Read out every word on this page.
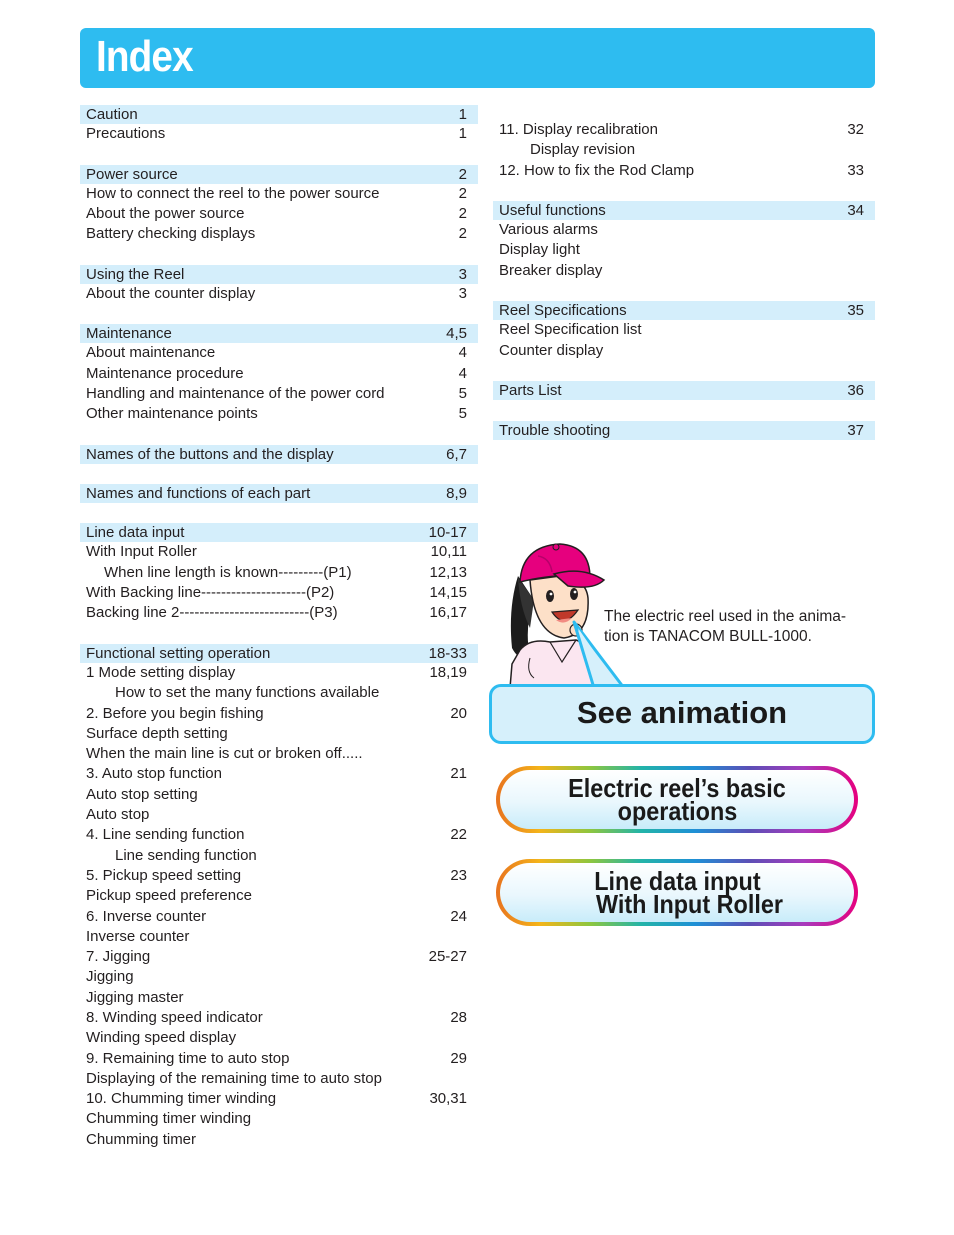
Index
Caution	1
Precautions	1
Power source	2
How to connect the reel to the power source	2
About the power source	2
Battery checking displays	2
Using the Reel	3
About the counter display	3
Maintenance	4,5
About maintenance	4
Maintenance procedure	4
Handling and maintenance of the power cord	5
Other maintenance points	5
Names of the buttons and the display	6,7
Names and functions of each part	8,9
Line data input	10-17
With Input Roller	10,11
When line length is known---------(P1)	12,13
With Backing line---------------------(P2)	14,15
Backing line 2--------------------------(P3)	16,17
Functional setting operation	18-33
1 Mode setting display	18,19
How to set the many functions available
2. Before you begin fishing	20
Surface depth setting
When the main line is cut or broken off.....
3. Auto stop function	21
Auto stop setting
Auto stop
4. Line sending function	22
Line sending function
5. Pickup speed setting	23
Pickup speed preference
6. Inverse counter	24
Inverse counter
7. Jigging	25-27
Jigging
Jigging master
8. Winding speed indicator	28
Winding speed display
9. Remaining time to auto stop	29
Displaying of the remaining time to auto stop
10. Chumming timer winding	30,31
Chumming timer winding
Chumming timer
11. Display recalibration	32
Display revision
12. How to fix the Rod Clamp	33
Useful functions	34
Various alarms
Display light
Breaker display
Reel Specifications	35
Reel Specification list
Counter display
Parts List	36
Trouble shooting	37
The electric reel used in the anima-
tion is TANACOM BULL-1000.
See animation
Electric reel’s basic
operations
Line data input
With Input Roller
